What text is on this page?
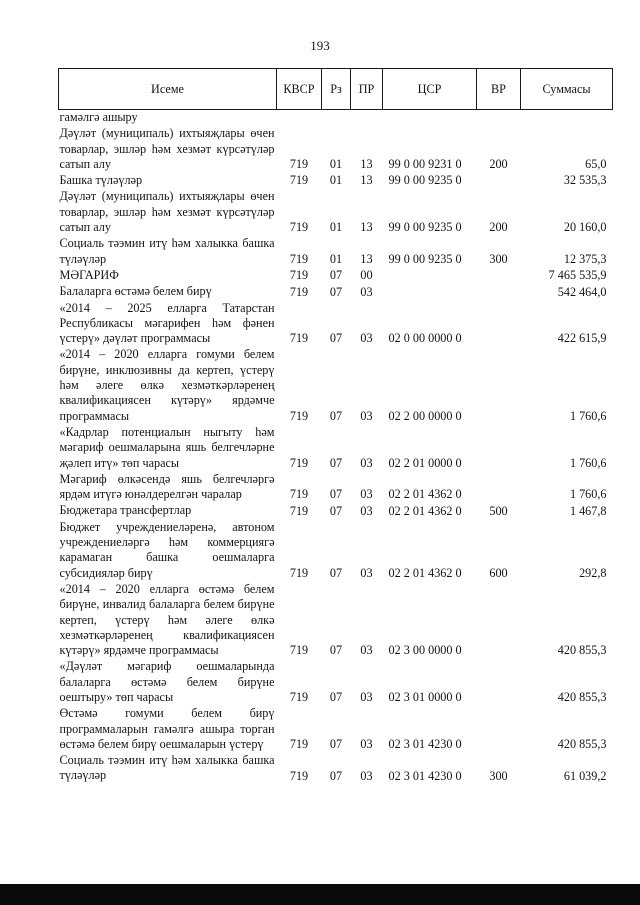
193
Исеме	КВСР	Рз	ПР	ЦСР	ВР	Суммасы
гамәлгә ашыру						
Дәүләт (муниципаль) ихтыяҗлары өчен товарлар, эшләр һәм хезмәт күрсәтүләр сатып алу	719	01	13	99 0 00 9231 0	200	65,0
Башка түләүләр	719	01	13	99 0 00 9235 0		32 535,3
Дәүләт (муниципаль) ихтыяҗлары өчен товарлар, эшләр һәм хезмәт күрсәтүләр сатып алу	719	01	13	99 0 00 9235 0	200	20 160,0
Социаль тәэмин итү һәм халыкка башка түләүләр	719	01	13	99 0 00 9235 0	300	12 375,3
МӘГАРИФ	719	07	00			7 465 535,9
Балаларга өстәмә белем бирү	719	07	03			542 464,0
«2014 – 2025 елларга Татарстан Республикасы мәгарифен һәм фәнен үстерү» дәүләт программасы	719	07	03	02 0 00 0000 0		422 615,9
«2014 – 2020 елларга гомуми белем бирүне, инклюзивны да кертеп, үстерү һәм әлеге өлкә хезмәткәрләренең квалификациясен күтәрү» ярдәмче программасы	719	07	03	02 2 00 0000 0		1 760,6
«Кадрлар потенциалын ныгыту һәм мәгариф оешмаларына яшь белгечләрне җәлеп итү» төп чарасы	719	07	03	02 2 01 0000 0		1 760,6
Мәгариф өлкәсендә яшь белгечләргә ярдәм итүгә юнәлдерелгән чаралар	719	07	03	02 2 01 4362 0		1 760,6
Бюджетара трансфертлар	719	07	03	02 2 01 4362 0	500	1 467,8
Бюджет учреждениеләренә, автоном учреждениеләргә һәм коммерциягә карамаган башка оешмаларга субсидияләр бирү	719	07	03	02 2 01 4362 0	600	292,8
«2014 – 2020 елларга өстәмә белем бирүне, инвалид балаларга белем бирүне кертеп, үстерү һәм әлеге өлкә хезмәткәрләренең квалификациясен күтәрү» ярдәмче программасы	719	07	03	02 3 00 0000 0		420 855,3
«Дәүләт мәгариф оешмаларында балаларга өстәмә белем бирүне оештыру» төп чарасы	719	07	03	02 3 01 0000 0		420 855,3
Өстәмә гомуми белем бирү программаларын гамәлгә ашыра торган өстәмә белем бирү оешмаларын үстерү	719	07	03	02 3 01 4230 0		420 855,3
Социаль тәэмин итү һәм халыкка башка түләүләр	719	07	03	02 3 01 4230 0	300	61 039,2
